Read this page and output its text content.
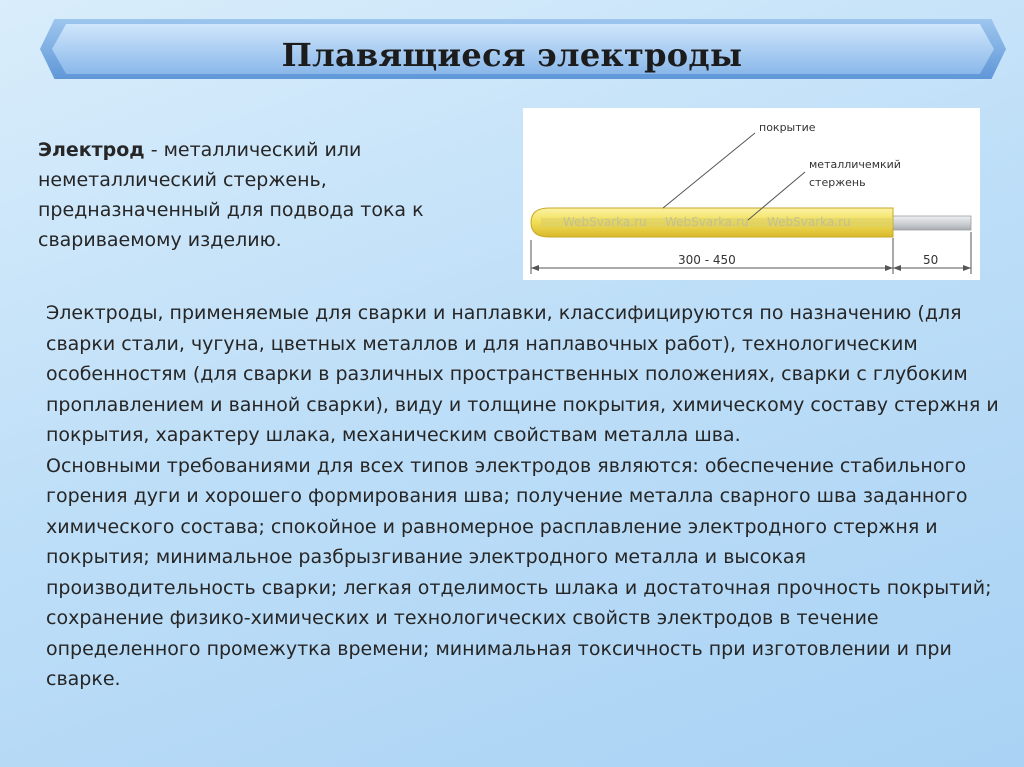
Плавящиеся электроды
Электрод - металлический или неметаллический стержень, предназначенный для подвода тока к свариваемому изделию.
WebSvarka.ru WebSvarka.ru WebSvarka.ru
покрытие
металличемкий
стержень
300 - 450	50

Электроды, применяемые для сварки и наплавки, классифицируются по назначению (для сварки стали, чугуна, цветных металлов и для наплавочных работ), технологическим особенностям (для сварки в различных пространственных положениях, сварки с глубоким проплавлением и ванной сварки), виду и толщине покрытия, химическому составу стержня и покрытия, характеру шлака, механическим свойствам металла шва.

Основными требованиями для всех типов электродов являются: обеспечение стабильного горения дуги и хорошего формирования шва; получение металла сварного шва заданного химического состава; спокойное и равномерное расплавление электродного стержня и покрытия; минимальное разбрызгивание электродного металла и высокая производительность сварки; легкая отделимость шлака и достаточная прочность покрытий; сохранение физико-химических и технологических свойств электродов в течение определенного промежутка времени; минимальная токсичность при изготовлении и при сварке.
